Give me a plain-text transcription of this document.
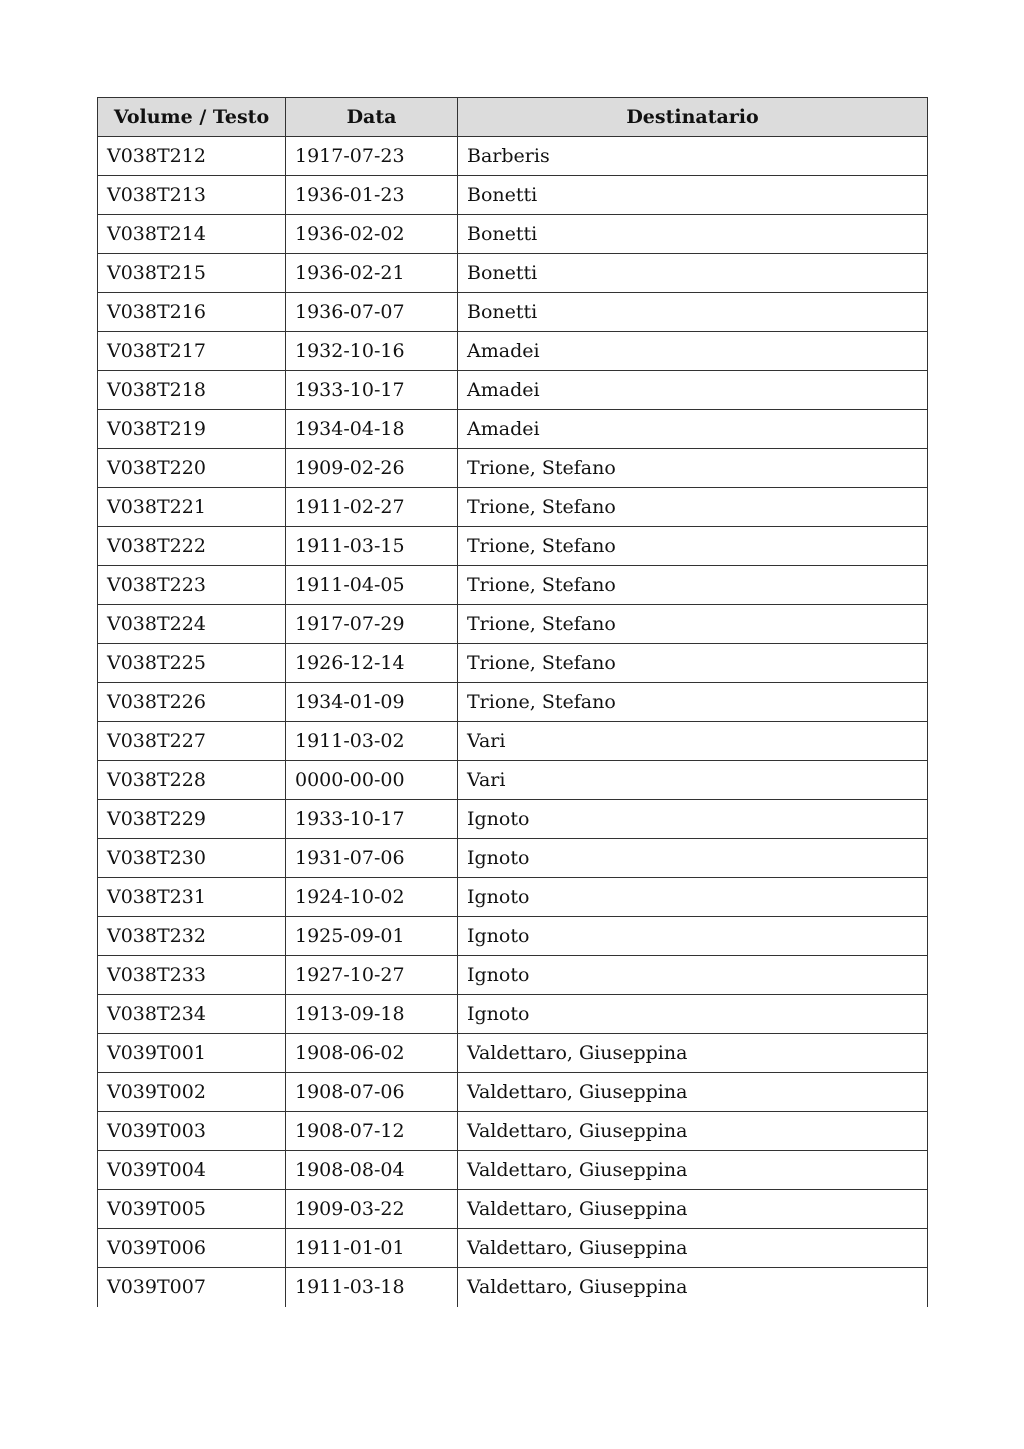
Volume / Testo	Data	Destinatario
V038T212	1917-07-23	Barberis
V038T213	1936-01-23	Bonetti
V038T214	1936-02-02	Bonetti
V038T215	1936-02-21	Bonetti
V038T216	1936-07-07	Bonetti
V038T217	1932-10-16	Amadei
V038T218	1933-10-17	Amadei
V038T219	1934-04-18	Amadei
V038T220	1909-02-26	Trione, Stefano
V038T221	1911-02-27	Trione, Stefano
V038T222	1911-03-15	Trione, Stefano
V038T223	1911-04-05	Trione, Stefano
V038T224	1917-07-29	Trione, Stefano
V038T225	1926-12-14	Trione, Stefano
V038T226	1934-01-09	Trione, Stefano
V038T227	1911-03-02	Vari
V038T228	0000-00-00	Vari
V038T229	1933-10-17	Ignoto
V038T230	1931-07-06	Ignoto
V038T231	1924-10-02	Ignoto
V038T232	1925-09-01	Ignoto
V038T233	1927-10-27	Ignoto
V038T234	1913-09-18	Ignoto
V039T001	1908-06-02	Valdettaro, Giuseppina
V039T002	1908-07-06	Valdettaro, Giuseppina
V039T003	1908-07-12	Valdettaro, Giuseppina
V039T004	1908-08-04	Valdettaro, Giuseppina
V039T005	1909-03-22	Valdettaro, Giuseppina
V039T006	1911-01-01	Valdettaro, Giuseppina
V039T007	1911-03-18	Valdettaro, Giuseppina
